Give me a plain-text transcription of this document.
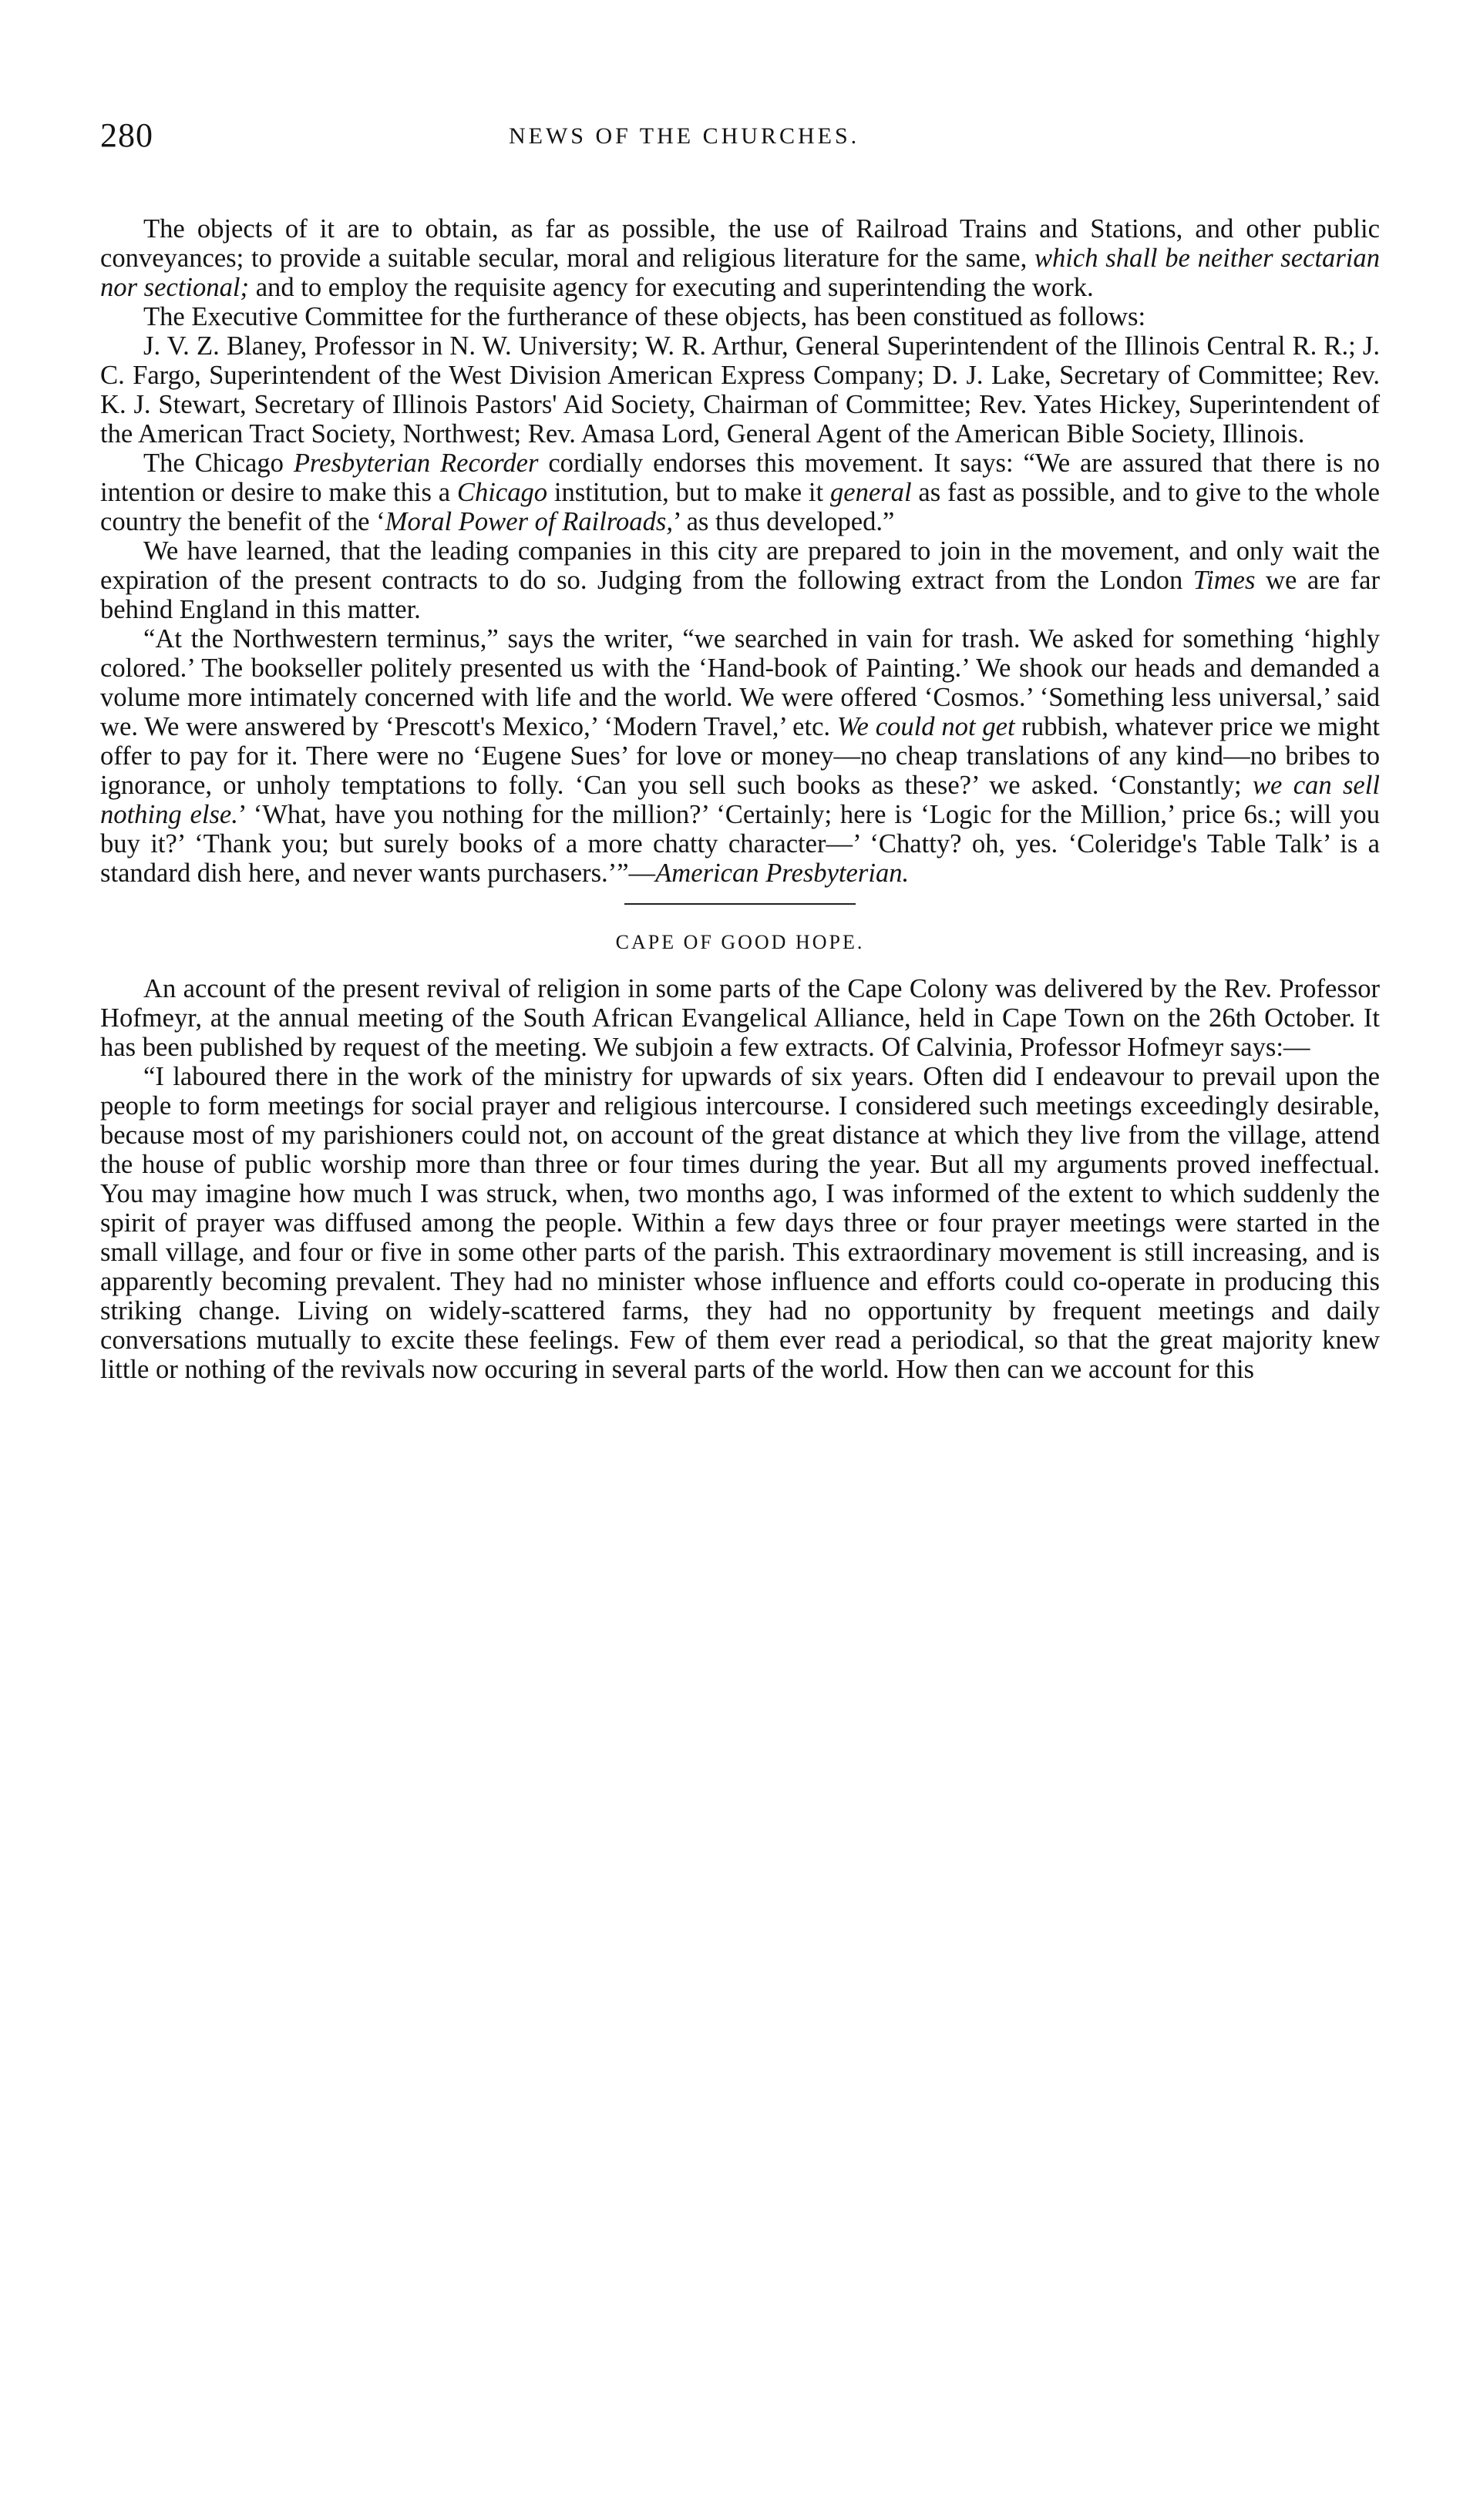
280	NEWS OF THE CHURCHES.

The objects of it are to obtain, as far as possible, the use of Railroad Trains and Stations, and other public conveyances; to provide a suitable secular, moral and religious literature for the same, which shall be neither sectarian nor sectional; and to employ the requisite agency for executing and superintending the work.

The Executive Committee for the furtherance of these objects, has been constitued as follows:

J. V. Z. Blaney, Professor in N. W. University; W. R. Arthur, General Superintendent of the Illinois Central R. R.; J. C. Fargo, Superintendent of the West Division American Express Company; D. J. Lake, Secretary of Committee; Rev. K. J. Stewart, Secretary of Illinois Pastors' Aid Society, Chairman of Committee; Rev. Yates Hickey, Superintendent of the American Tract Society, Northwest; Rev. Amasa Lord, General Agent of the American Bible Society, Illinois.

The Chicago Presbyterian Recorder cordially endorses this movement. It says: “We are assured that there is no intention or desire to make this a Chicago institution, but to make it general as fast as possible, and to give to the whole country the benefit of the ‘Moral Power of Railroads,’ as thus developed.”

We have learned, that the leading companies in this city are prepared to join in the movement, and only wait the expiration of the present contracts to do so. Judging from the following extract from the London Times we are far behind England in this matter.

“At the Northwestern terminus,” says the writer, “we searched in vain for trash. We asked for something ‘highly colored.’ The bookseller politely presented us with the ‘Hand-book of Painting.’ We shook our heads and demanded a volume more intimately concerned with life and the world. We were offered ‘Cosmos.’ ‘Something less universal,’ said we. We were answered by ‘Prescott's Mexico,’ ‘Modern Travel,’ etc. We could not get rubbish, whatever price we might offer to pay for it. There were no ‘Eugene Sues’ for love or money—no cheap translations of any kind—no bribes to ignorance, or unholy temptations to folly. ‘Can you sell such books as these?’ we asked. ‘Constantly; we can sell nothing else.’ ‘What, have you nothing for the million?’ ‘Certainly; here is ‘Logic for the Million,’ price 6s.; will you buy it?’ ‘Thank you; but surely books of a more chatty character—’ ‘Chatty? oh, yes. ‘Coleridge's Table Talk’ is a standard dish here, and never wants purchasers.’”—American Presbyterian.

CAPE OF GOOD HOPE.

An account of the present revival of religion in some parts of the Cape Colony was delivered by the Rev. Professor Hofmeyr, at the annual meeting of the South African Evangelical Alliance, held in Cape Town on the 26th October. It has been published by request of the meeting. We subjoin a few extracts. Of Calvinia, Professor Hofmeyr says:—

“I laboured there in the work of the ministry for upwards of six years. Often did I endeavour to prevail upon the people to form meetings for social prayer and religious intercourse. I considered such meetings exceedingly desirable, because most of my parishioners could not, on account of the great distance at which they live from the village, attend the house of public worship more than three or four times during the year. But all my arguments proved ineffectual. You may imagine how much I was struck, when, two months ago, I was informed of the extent to which suddenly the spirit of prayer was diffused among the people. Within a few days three or four prayer meetings were started in the small village, and four or five in some other parts of the parish. This extraordinary movement is still increasing, and is apparently becoming prevalent. They had no minister whose influence and efforts could co-operate in producing this striking change. Living on widely-scattered farms, they had no opportunity by frequent meetings and daily conversations mutually to excite these feelings. Few of them ever read a periodical, so that the great majority knew little or nothing of the revivals now occuring in several parts of the world. How then can we account for this
